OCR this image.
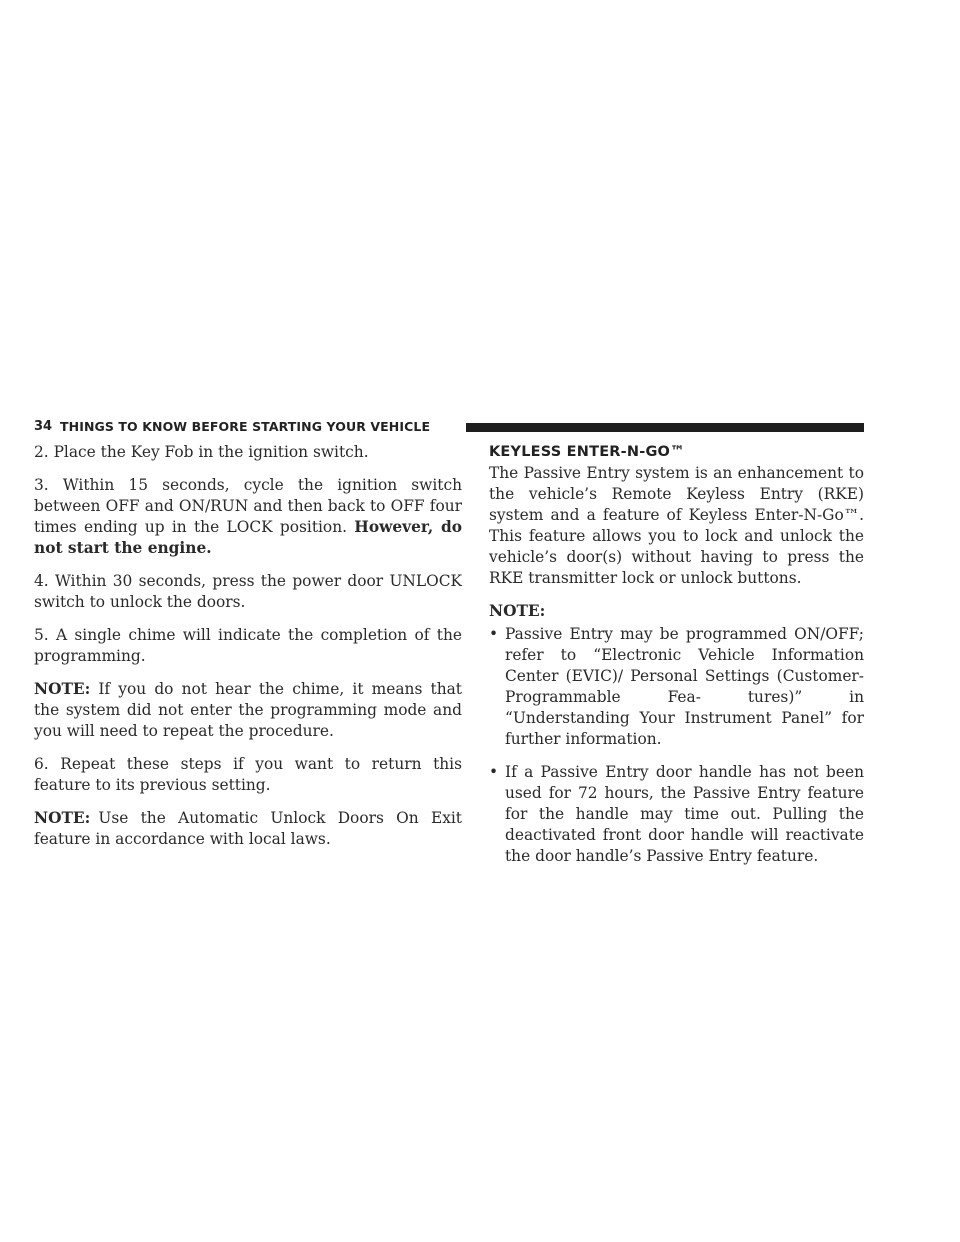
34 THINGS TO KNOW BEFORE STARTING YOUR VEHICLE

2. Place the Key Fob in the ignition switch.

3. Within 15 seconds, cycle the ignition switch between OFF and ON/RUN and then back to OFF four times ending up in the LOCK position. However, do not start the engine.

4. Within 30 seconds, press the power door UNLOCK switch to unlock the doors.

5. A single chime will indicate the completion of the programming.

NOTE: If you do not hear the chime, it means that the system did not enter the programming mode and you will need to repeat the procedure.

6. Repeat these steps if you want to return this feature to its previous setting.

NOTE: Use the Automatic Unlock Doors On Exit feature in accordance with local laws.

KEYLESS ENTER-N-GO™

The Passive Entry system is an enhancement to the vehicle’s Remote Keyless Entry (RKE) system and a feature of Keyless Enter-N-Go™. This feature allows you to lock and unlock the vehicle’s door(s) without having to press the RKE transmitter lock or unlock buttons.

NOTE:
• Passive Entry may be programmed ON/OFF; refer to “Electronic Vehicle Information Center (EVIC)/ Personal Settings (Customer-Programmable Fea- tures)” in “Understanding Your Instrument Panel” for further information.
• If a Passive Entry door handle has not been used for 72 hours, the Passive Entry feature for the handle may time out. Pulling the deactivated front door handle will reactivate the door handle’s Passive Entry feature.
